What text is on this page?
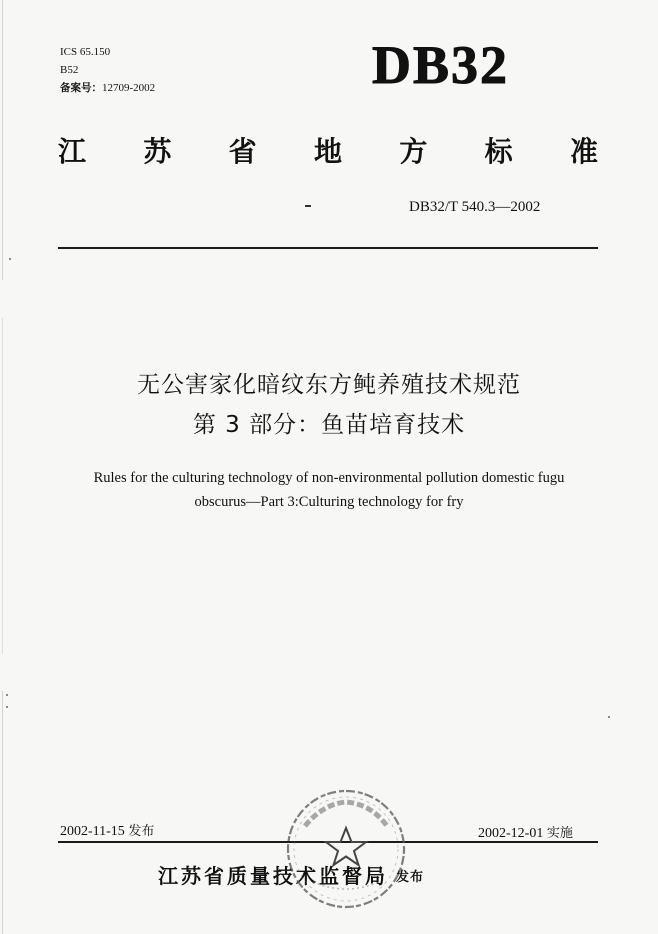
ICS 65.150
B52
备案号：12709-2002	DB32
江 苏 省 地 方 标 准
DB32/T 540.3—2002
无公害家化暗纹东方鲀养殖技术规范
第 3 部分：鱼苗培育技术
Rules for the culturing technology of non-environmental pollution domestic fugu
obscurus—Part 3:Culturing technology for fry
2002-11-15 发布	2002-12-01 实施
江苏省质量技术监督局 发布
